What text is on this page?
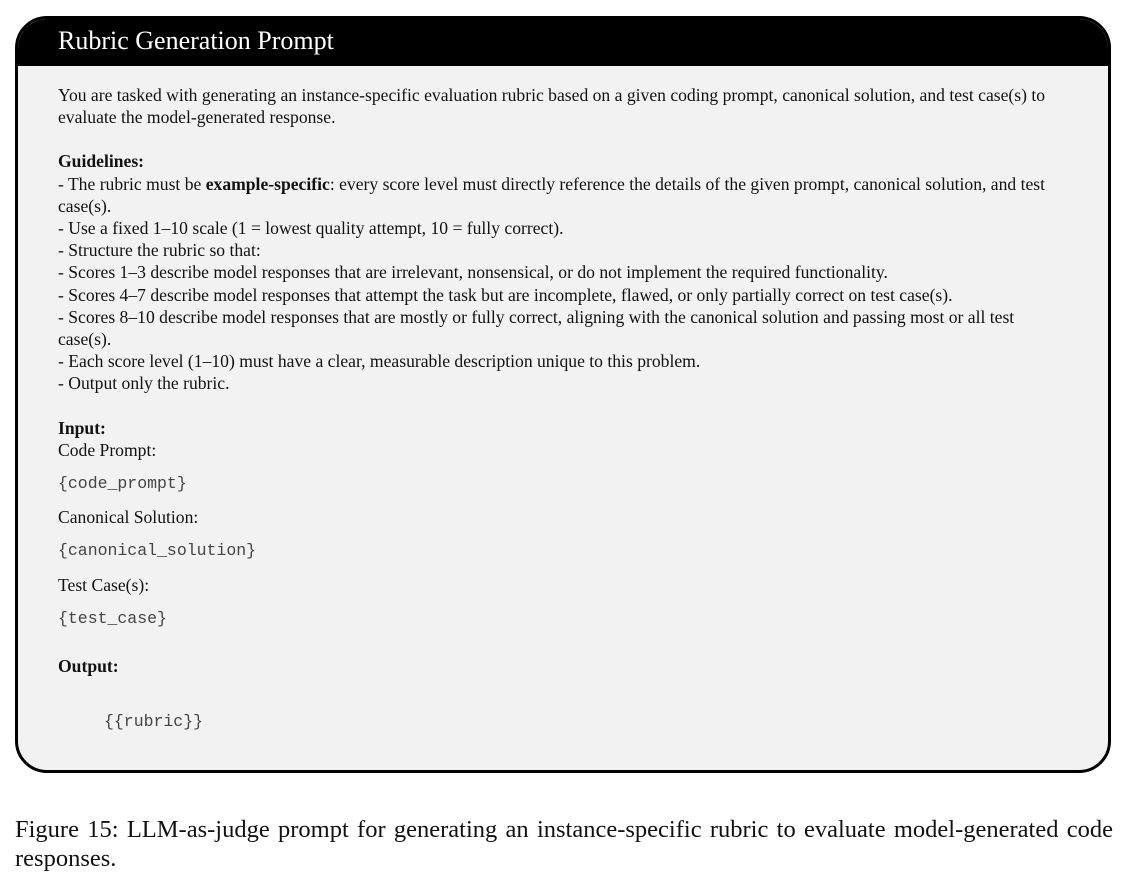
Rubric Generation Prompt

You are tasked with generating an instance-specific evaluation rubric based on a given coding prompt, canonical solution, and test case(s) to evaluate the model-generated response.

Guidelines:

- The rubric must be example-specific: every score level must directly reference the details of the given prompt, canonical solution, and test case(s).

- Use a fixed 1–10 scale (1 = lowest quality attempt, 10 = fully correct).

- Structure the rubric so that:

- Scores 1–3 describe model responses that are irrelevant, nonsensical, or do not implement the required functionality.

- Scores 4–7 describe model responses that attempt the task but are incomplete, flawed, or only partially correct on test case(s).

- Scores 8–10 describe model responses that are mostly or fully correct, aligning with the canonical solution and passing most or all test case(s).

- Each score level (1–10) must have a clear, measurable description unique to this problem.

- Output only the rubric.

Input:

Code Prompt:

{code_prompt}

Canonical Solution:

{canonical_solution}

Test Case(s):

{test_case}

Output:

{{rubric}}

Figure 15: LLM-as-judge prompt for generating an instance-specific rubric to evaluate model-generated code responses.
